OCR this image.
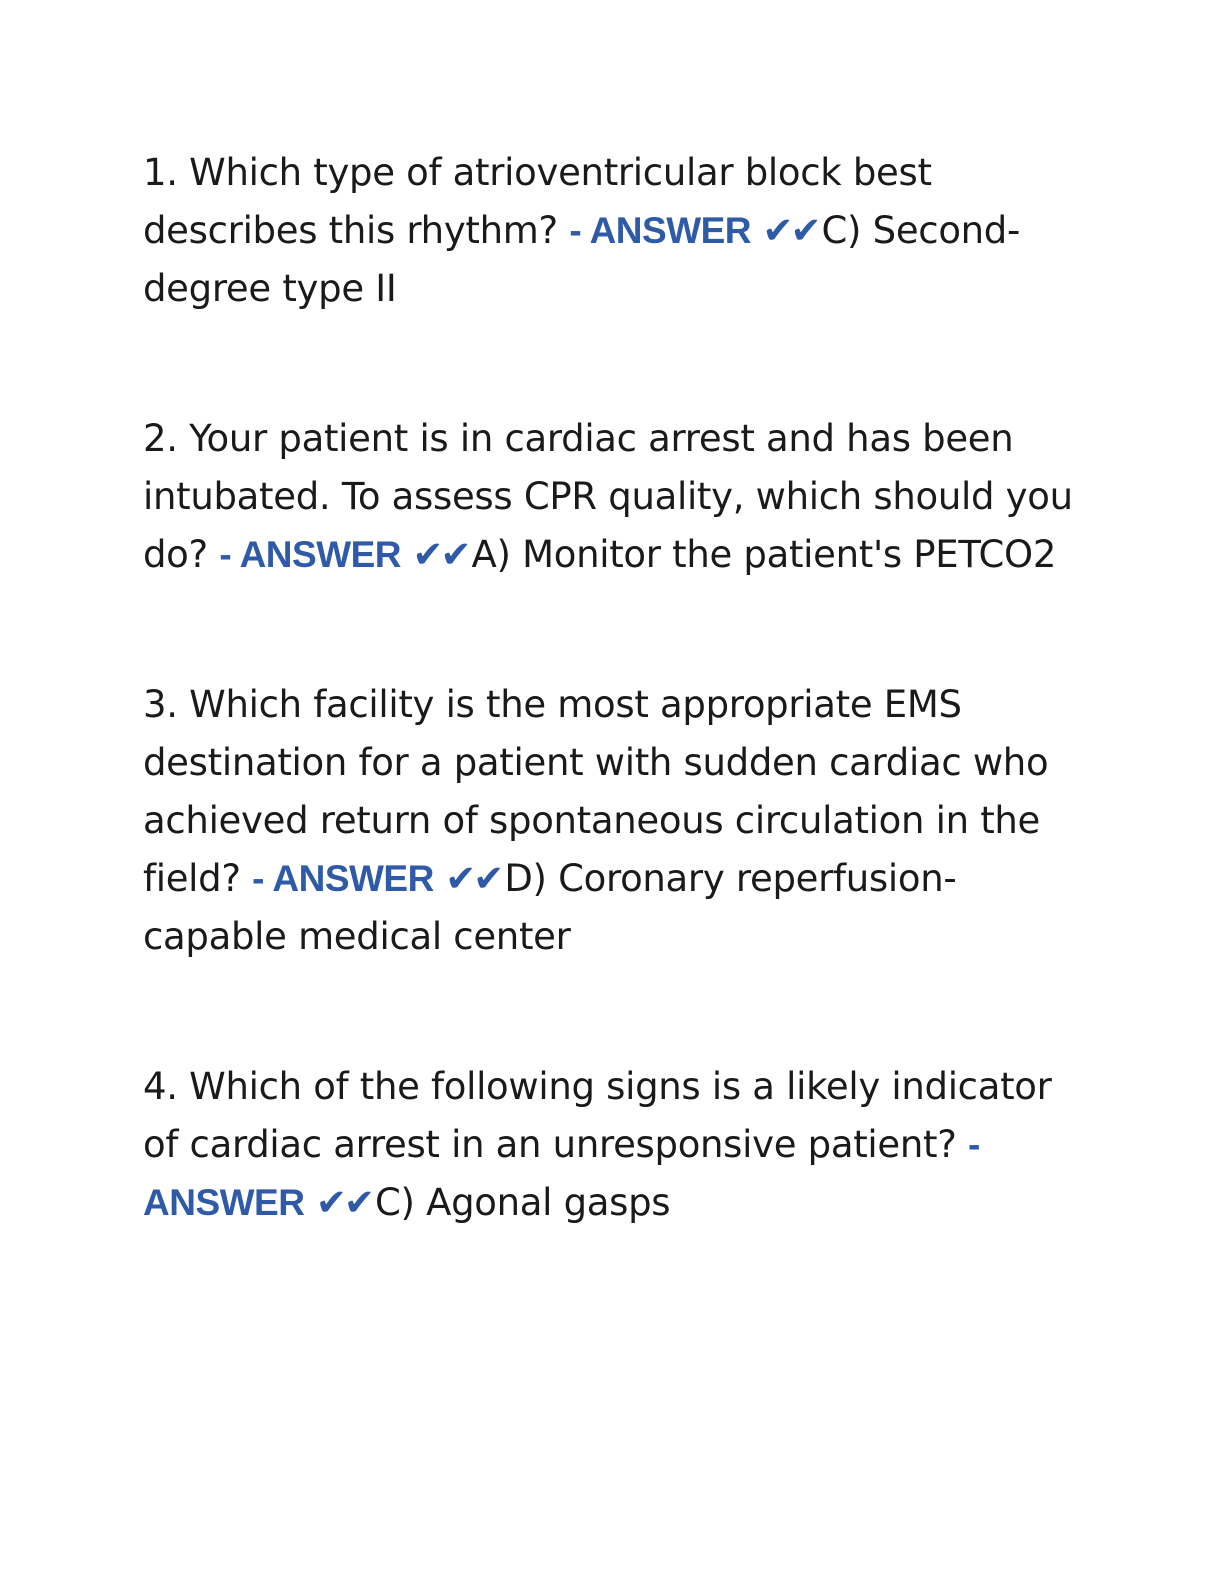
1. Which type of atrioventricular block best describes this rhythm? - ANSWER ✔✔C) Second-degree type II

2. Your patient is in cardiac arrest and has been intubated. To assess CPR quality, which should you do? - ANSWER ✔✔A) Monitor the patient's PETCO2

3. Which facility is the most appropriate EMS destination for a patient with sudden cardiac who achieved return of spontaneous circulation in the field? - ANSWER ✔✔D) Coronary reperfusion-capable medical center

4. Which of the following signs is a likely indicator of cardiac arrest in an unresponsive patient? - ANSWER ✔✔C) Agonal gasps
